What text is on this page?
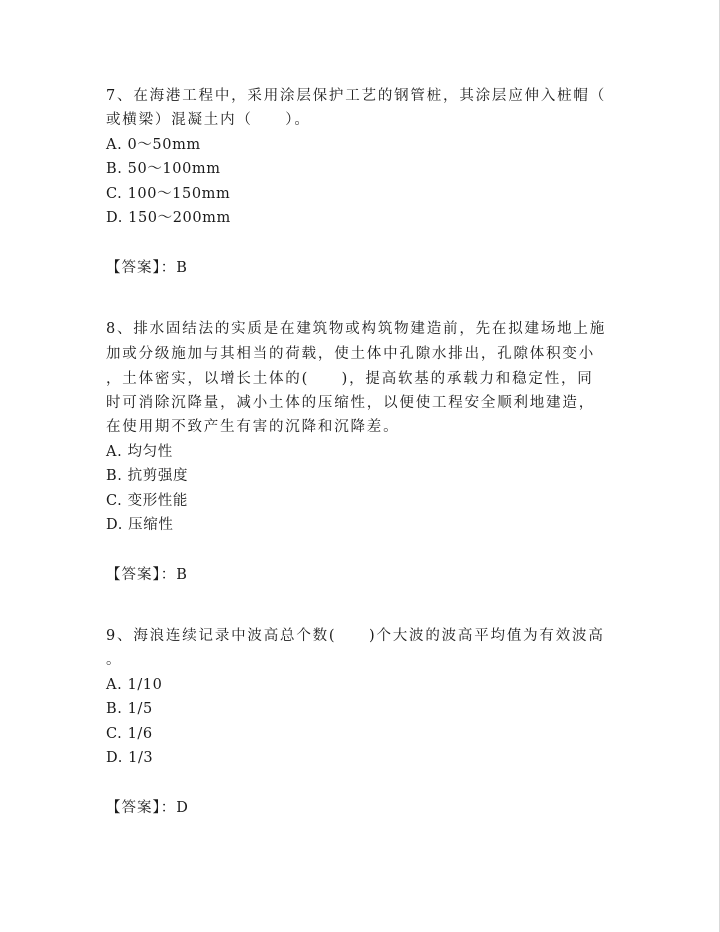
7、在海港工程中，采用涂层保护工艺的钢管桩，其涂层应伸入桩帽（
或横梁）混凝土内（　　）。
A. 0～50mm
B. 50～100mm
C. 100～150mm
D. 150～200mm
【答案】：B
8、排水固结法的实质是在建筑物或构筑物建造前，先在拟建场地上施
加或分级施加与其相当的荷载，使土体中孔隙水排出，孔隙体积变小
，土体密实，以增长土体的(　　)，提高软基的承载力和稳定性，同
时可消除沉降量，减小土体的压缩性，以便使工程安全顺利地建造，
在使用期不致产生有害的沉降和沉降差。
A. 均匀性
B. 抗剪强度
C. 变形性能
D. 压缩性
【答案】：B
9、海浪连续记录中波高总个数(　　)个大波的波高平均值为有效波高
。
A. 1/10
B. 1/5
C. 1/6
D. 1/3
【答案】：D
